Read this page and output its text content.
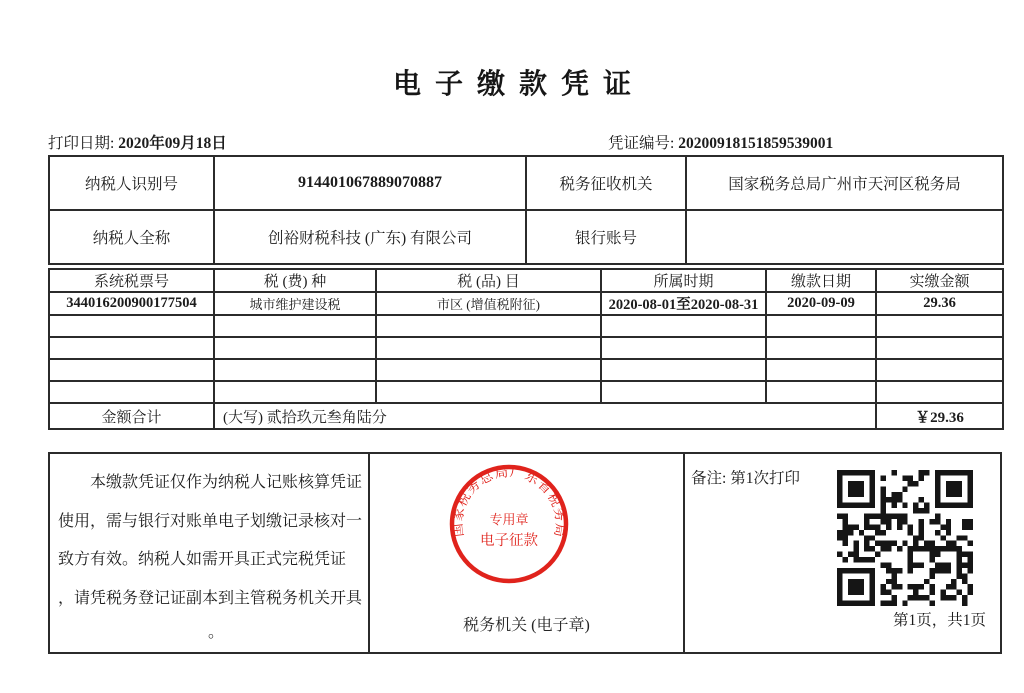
电子缴款凭证
打印日期: 2020年09月18日	凭证编号: 20200918151859539001
纳税人识别号	914401067889070887	税务征收机关	国家税务总局广州市天河区税务局
纳税人全称	创裕财税科技 (广东) 有限公司	银行账号	
系统税票号	税 (费) 种	税 (品) 目	所属时期	缴款日期	实缴金额
344016200900177504	城市维护建设税	市区 (增值税附征)	2020-08-01至2020-08-31	2020-09-09	29.36

金额合计	(大写) 贰拾玖元叁角陆分				￥29.36
本缴款凭证仅作为纳税人记账核算凭证
使用，需与银行对账单电子划缴记录核对一
致方有效。纳税人如需开具正式完税凭证
，请凭税务登记证副本到主管税务机关开具
。
国家税务总局广东省税务局
专用章
电子征款
税务机关 (电子章)
备注: 第1次打印
第1页，共1页
